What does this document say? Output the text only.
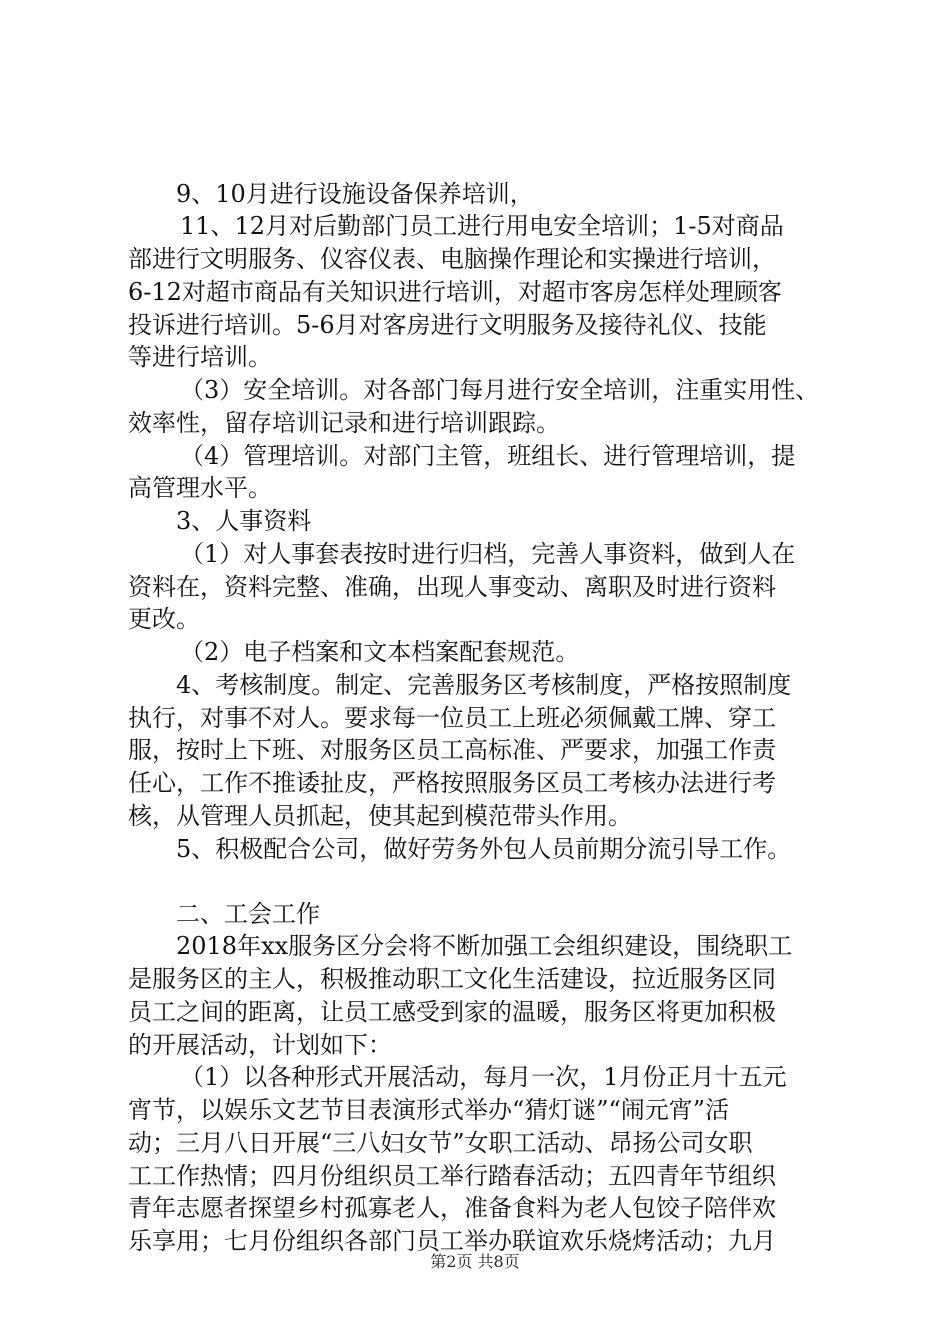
9、10月进行设施设备保养培训，
11、12月对后勤部门员工进行用电安全培训；1-5对商品
部进行文明服务、仪容仪表、电脑操作理论和实操进行培训，
6-12对超市商品有关知识进行培训，对超市客房怎样处理顾客
投诉进行培训。5-6月对客房进行文明服务及接待礼仪、技能
等进行培训。
（3）安全培训。对各部门每月进行安全培训，注重实用性、
效率性，留存培训记录和进行培训跟踪。
（4）管理培训。对部门主管，班组长、进行管理培训，提
高管理水平。
3、人事资料
（1）对人事套表按时进行归档，完善人事资料，做到人在
资料在，资料完整、准确，出现人事变动、离职及时进行资料
更改。
（2）电子档案和文本档案配套规范。
4、考核制度。制定、完善服务区考核制度，严格按照制度
执行，对事不对人。要求每一位员工上班必须佩戴工牌、穿工
服，按时上下班、对服务区员工高标准、严要求，加强工作责
任心，工作不推诿扯皮，严格按照服务区员工考核办法进行考
核，从管理人员抓起，使其起到模范带头作用。
5、积极配合公司，做好劳务外包人员前期分流引导工作。
二、工会工作
2018年xx服务区分会将不断加强工会组织建设，围绕职工
是服务区的主人，积极推动职工文化生活建设，拉近服务区同
员工之间的距离，让员工感受到家的温暖，服务区将更加积极
的开展活动，计划如下：
（1）以各种形式开展活动，每月一次，1月份正月十五元
宵节，以娱乐文艺节目表演形式举办“猜灯谜”“闹元宵”活
动；三月八日开展“三八妇女节”女职工活动、昂扬公司女职
工工作热情；四月份组织员工举行踏春活动；五四青年节组织
青年志愿者探望乡村孤寡老人，准备食料为老人包饺子陪伴欢
乐享用；七月份组织各部门员工举办联谊欢乐烧烤活动；九月
第2页 共8页
